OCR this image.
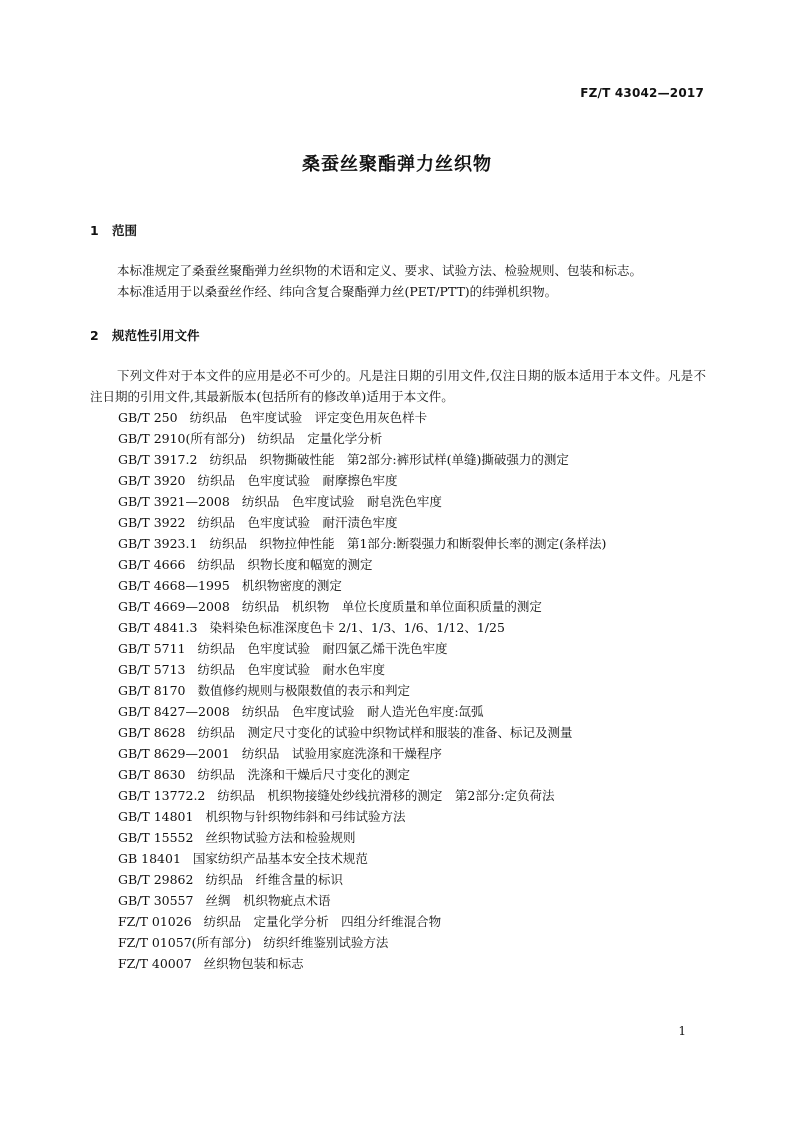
FZ/T 43042—2017
桑蚕丝聚酯弹力丝织物
1 范围
本标准规定了桑蚕丝聚酯弹力丝织物的术语和定义、要求、试验方法、检验规则、包装和标志。
本标准适用于以桑蚕丝作经、纬向含复合聚酯弹力丝(PET/PTT)的纬弹机织物。
2 规范性引用文件
下列文件对于本文件的应用是必不可少的。凡是注日期的引用文件,仅注日期的版本适用于本文件。凡是不注日期的引用文件,其最新版本(包括所有的修改单)适用于本文件。
GB/T 250 纺织品　色牢度试验　评定变色用灰色样卡
GB/T 2910(所有部分) 纺织品　定量化学分析
GB/T 3917.2 纺织品　织物撕破性能　第2部分:裤形试样(单缝)撕破强力的测定
GB/T 3920 纺织品　色牢度试验　耐摩擦色牢度
GB/T 3921—2008 纺织品　色牢度试验　耐皂洗色牢度
GB/T 3922 纺织品　色牢度试验　耐汗渍色牢度
GB/T 3923.1 纺织品　织物拉伸性能　第1部分:断裂强力和断裂伸长率的测定(条样法)
GB/T 4666 纺织品　织物长度和幅宽的测定
GB/T 4668—1995 机织物密度的测定
GB/T 4669—2008 纺织品　机织物　单位长度质量和单位面积质量的测定
GB/T 4841.3 染料染色标准深度色卡 2/1、1/3、1/6、1/12、1/25
GB/T 5711 纺织品　色牢度试验　耐四氯乙烯干洗色牢度
GB/T 5713 纺织品　色牢度试验　耐水色牢度
GB/T 8170 数值修约规则与极限数值的表示和判定
GB/T 8427—2008 纺织品　色牢度试验　耐人造光色牢度:氙弧
GB/T 8628 纺织品　测定尺寸变化的试验中织物试样和服装的准备、标记及测量
GB/T 8629—2001 纺织品　试验用家庭洗涤和干燥程序
GB/T 8630 纺织品　洗涤和干燥后尺寸变化的测定
GB/T 13772.2 纺织品　机织物接缝处纱线抗滑移的测定　第2部分:定负荷法
GB/T 14801 机织物与针织物纬斜和弓纬试验方法
GB/T 15552 丝织物试验方法和检验规则
GB 18401 国家纺织产品基本安全技术规范
GB/T 29862 纺织品　纤维含量的标识
GB/T 30557 丝绸　机织物疵点术语
FZ/T 01026 纺织品　定量化学分析　四组分纤维混合物
FZ/T 01057(所有部分) 纺织纤维鉴别试验方法
FZ/T 40007 丝织物包装和标志
1
